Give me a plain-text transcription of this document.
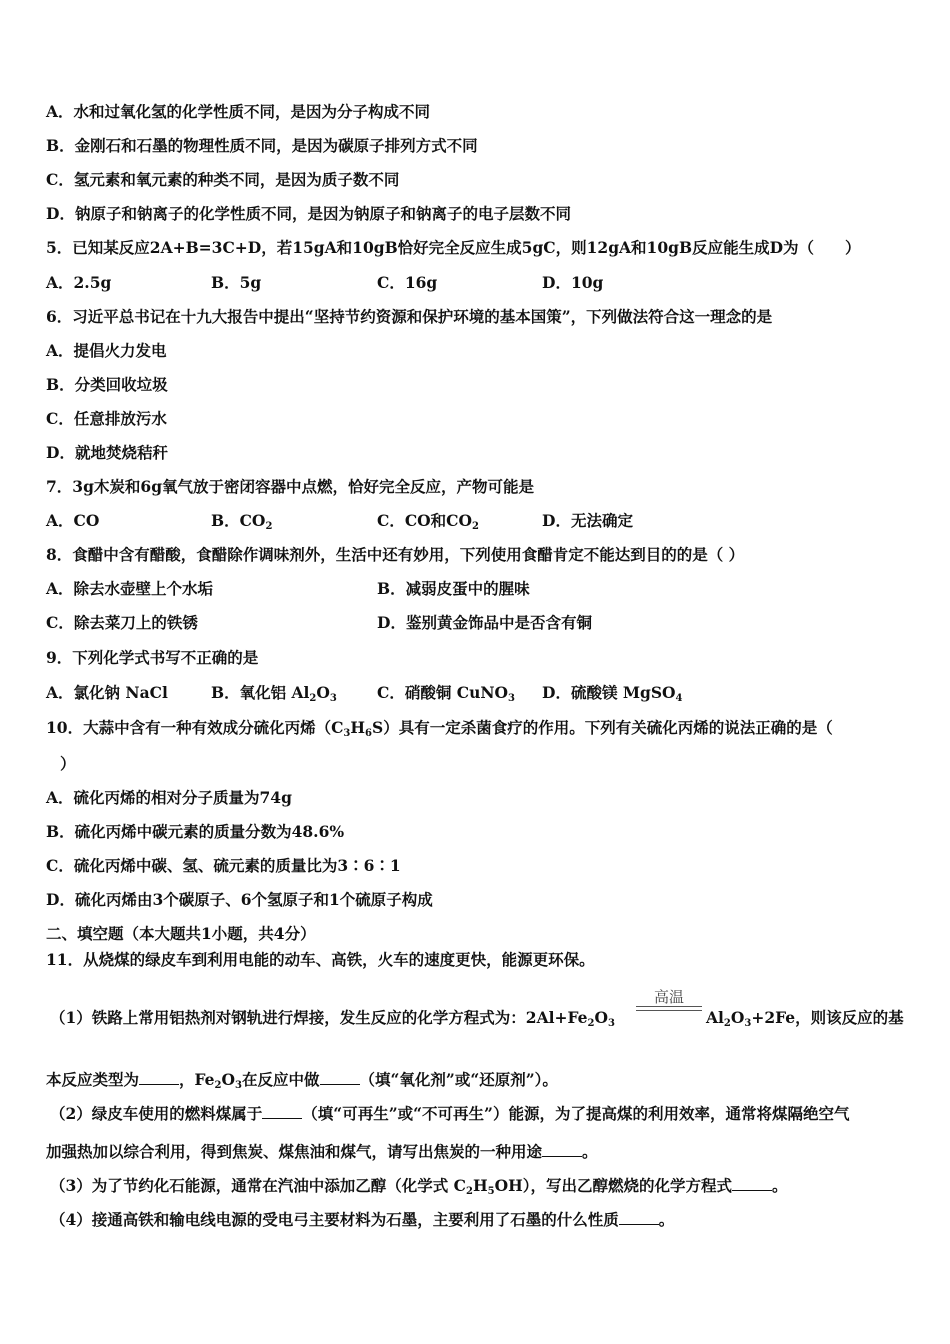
A．水和过氧化氢的化学性质不同，是因为分子构成不同
B．金刚石和石墨的物理性质不同，是因为碳原子排列方式不同
C．氢元素和氧元素的种类不同，是因为质子数不同
D．钠原子和钠离子的化学性质不同，是因为钠原子和钠离子的电子层数不同
5．已知某反应2A+B=3C+D，若15gA和10gB恰好完全反应生成5gC，则12gA和10gB反应能生成D为（　　）
A．2.5g	B．5g	C．16g	D．10g
6．习近平总书记在十九大报告中提出“坚持节约资源和保护环境的基本国策”，下列做法符合这一理念的是
A．提倡火力发电
B．分类回收垃圾
C．任意排放污水
D．就地焚烧秸秆
7．3g木炭和6g氧气放于密闭容器中点燃，恰好完全反应，产物可能是
A．CO	B．$CO_2$	C．CO和$CO_2$	D．无法确定
8．食醋中含有醋酸，食醋除作调味剂外，生活中还有妙用，下列使用食醋肯定不能达到目的的是（ ）
A．除去水壶壁上个水垢	B．减弱皮蛋中的腥味
C．除去菜刀上的铁锈	D．鉴别黄金饰品中是否含有铜
9．下列化学式书写不正确的是
A．氯化钠 NaCl	B．氧化铝 $Al_2O_3$	C．硝酸铜 CuNO$_3$ D．硫酸镁 MgSO$_4$
10．大蒜中含有一种有效成分硫化丙烯$(C_3H_6S)$具有一定杀菌食疗的作用。下列有关硫化丙烯的说法正确的是（
）
A．硫化丙烯的相对分子质量为74g
B．硫化丙烯中碳元素的质量分数为48.6%
C．硫化丙烯中碳、氢、硫元素的质量比为3∶6∶1
D．硫化丙烯由3个碳原子、6个氢原子和1个硫原子构成
二、填空题（本大题共1小题，共4分）
11．从烧煤的绿皮车到利用电能的动车、高铁，火车的速度更快，能源更环保。
高温
（1）铁路上常用铝热剂对钢轨进行焊接，发生反应的化学方程式为：$2Al+Fe_2O_3$	$Al_2O_3+2Fe$，则该反应的基
本反应类型为	，$Fe_2O_3$在反应中做	（填“氧化剂”或“还原剂”）。
（2）绿皮车使用的燃料煤属于	（填“可再生”或“不可再生”）能源，为了提高煤的利用效率，通常将煤隔绝空气
加强热加以综合利用，得到焦炭、煤焦油和煤气，请写出焦炭的一种用途	。
（3）为了节约化石能源，通常在汽油中添加乙醇（化学式 $C_2H_5OH$），写出乙醇燃烧的化学方程式	。
（4）接通高铁和输电线电源的受电弓主要材料为石墨，主要利用了石墨的什么性质	。
